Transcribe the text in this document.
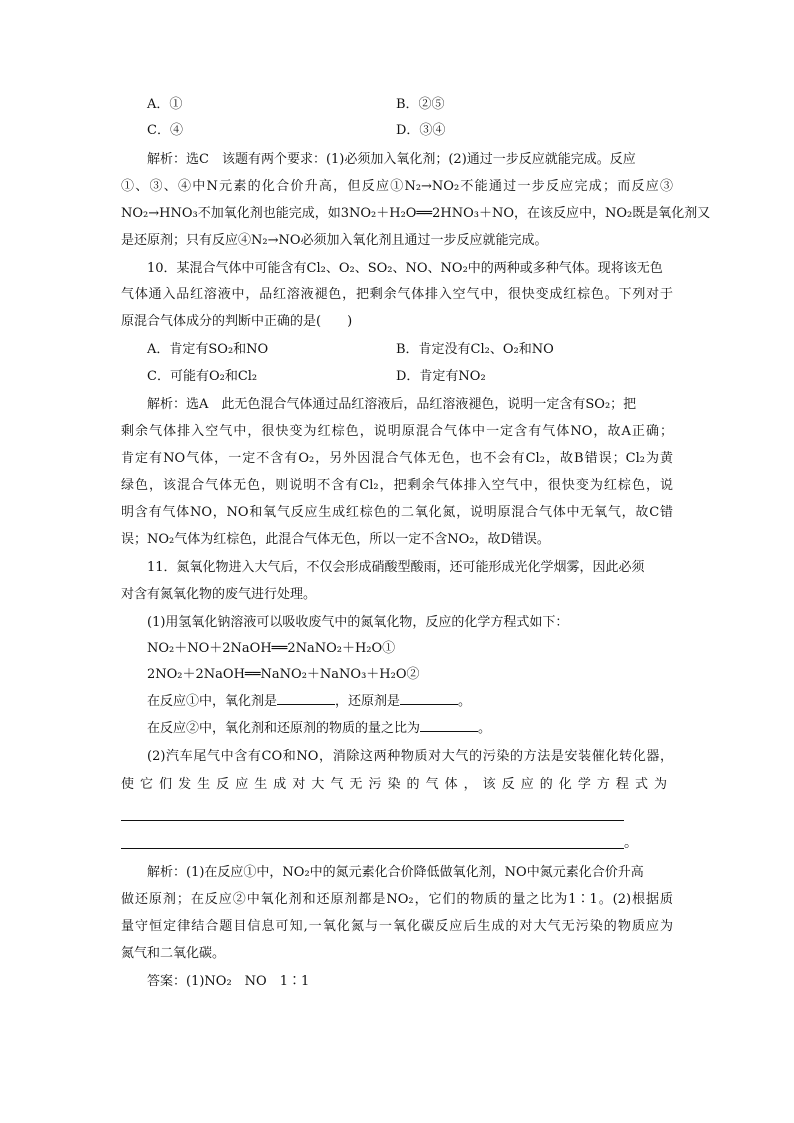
A．①	B．②⑤
C．④	D．③④
解析：选C　该题有两个要求：(1)必须加入氧化剂；(2)通过一步反应就能完成。反应
①、③、④中N元素的化合价升高，但反应①N₂→NO₂不能通过一步反应完成；而反应③
NO₂→HNO₃不加氧化剂也能完成，如3NO₂＋H₂O══2HNO₃＋NO，在该反应中，NO₂既是氧化剂又
是还原剂；只有反应④N₂→NO必须加入氧化剂且通过一步反应就能完成。
10．某混合气体中可能含有Cl₂、O₂、SO₂、NO、NO₂中的两种或多种气体。现将该无色
气体通入品红溶液中，品红溶液褪色，把剩余气体排入空气中，很快变成红棕色。下列对于
原混合气体成分的判断中正确的是(　　)
A．肯定有SO₂和NO	B．肯定没有Cl₂、O₂和NO
C．可能有O₂和Cl₂	D．肯定有NO₂
解析：选A　此无色混合气体通过品红溶液后，品红溶液褪色，说明一定含有SO₂；把
剩余气体排入空气中，很快变为红棕色，说明原混合气体中一定含有气体NO，故A正确；
肯定有NO气体，一定不含有O₂，另外因混合气体无色，也不会有Cl₂，故B错误；Cl₂为黄
绿色，该混合气体无色，则说明不含有Cl₂，把剩余气体排入空气中，很快变为红棕色，说
明含有气体NO，NO和氧气反应生成红棕色的二氧化氮，说明原混合气体中无氧气，故C错
误；NO₂气体为红棕色，此混合气体无色，所以一定不含NO₂，故D错误。
11．氮氧化物进入大气后，不仅会形成硝酸型酸雨，还可能形成光化学烟雾，因此必须
对含有氮氧化物的废气进行处理。
(1)用氢氧化钠溶液可以吸收废气中的氮氧化物，反应的化学方程式如下：
NO₂＋NO＋2NaOH══2NaNO₂＋H₂O①
2NO₂＋2NaOH══NaNO₂＋NaNO₃＋H₂O②
在反应①中，氧化剂是	，还原剂是	。
在反应②中，氧化剂和还原剂的物质的量之比为	。
(2)汽车尾气中含有CO和NO，消除这两种物质对大气的污染的方法是安装催化转化器，
使它们发生反应生成对大气无污染的气体，该反应的化学方程式为
。
解析：(1)在反应①中，NO₂中的氮元素化合价降低做氧化剂，NO中氮元素化合价升高
做还原剂；在反应②中氧化剂和还原剂都是NO₂，它们的物质的量之比为1∶1。(2)根据质
量守恒定律结合题目信息可知,一氧化氮与一氧化碳反应后生成的对大气无污染的物质应为
氮气和二氧化碳。
答案：(1)NO₂　NO　1∶1
